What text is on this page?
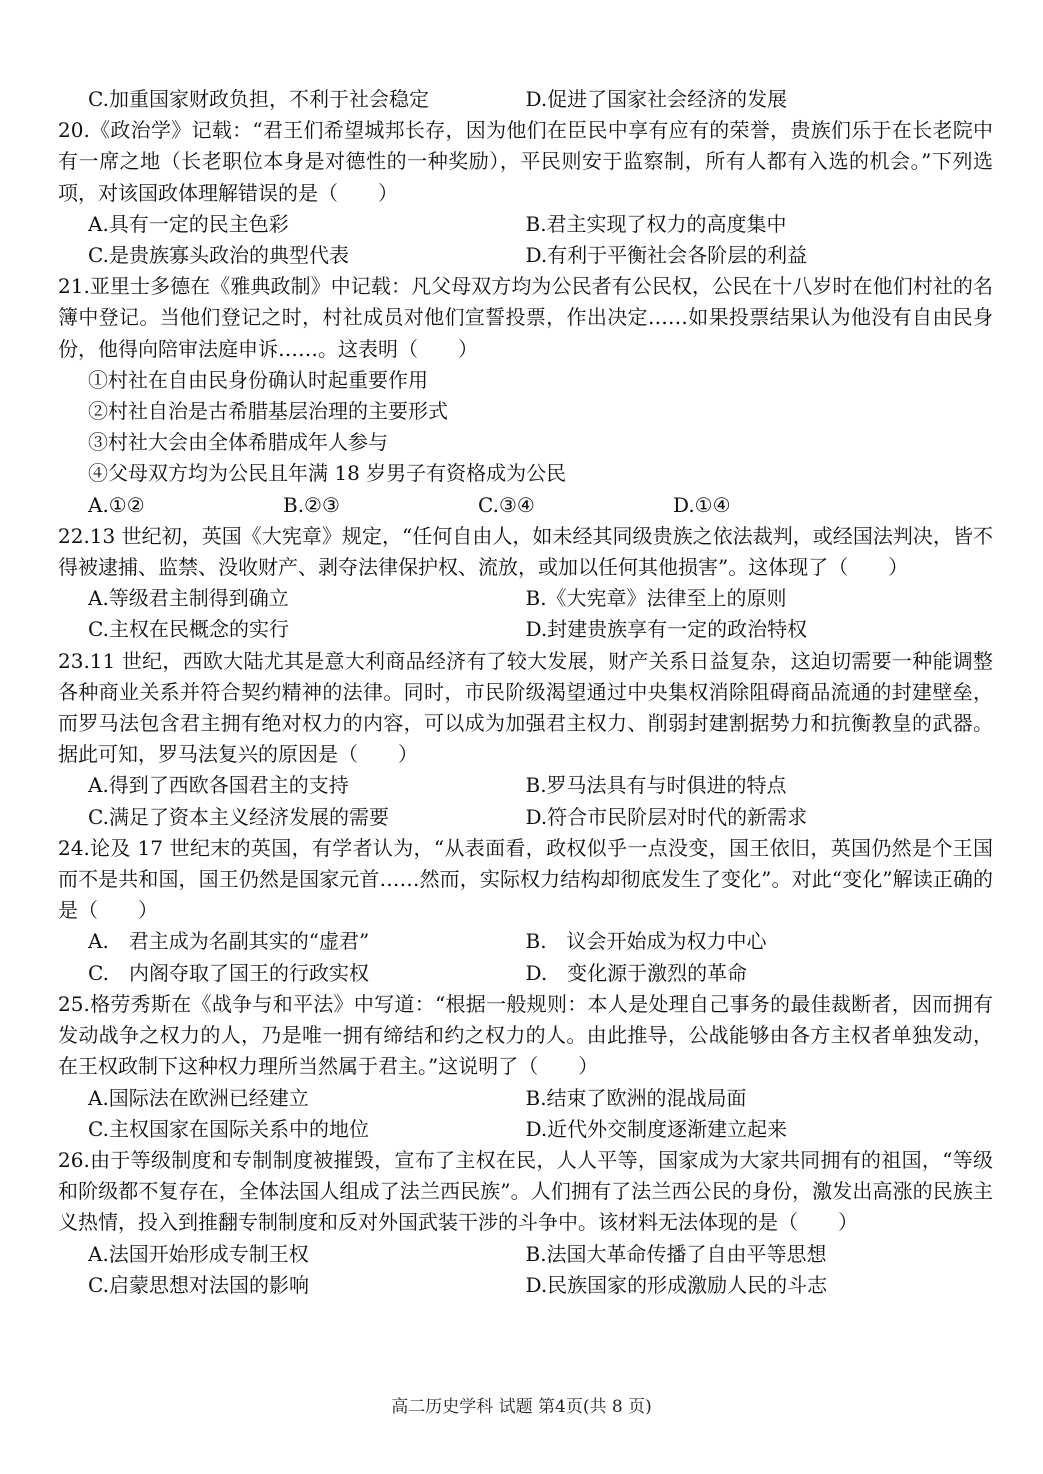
C.加重国家财政负担，不利于社会稳定	D.促进了国家社会经济的发展

20.《政治学》记载：“君王们希望城邦长存，因为他们在臣民中享有应有的荣誉，贵族们乐于在长老院中有一席之地（长老职位本身是对德性的一种奖励），平民则安于监察制，所有人都有入选的机会。”下列选项，对该国政体理解错误的是（　　）

A.具有一定的民主色彩	B.君主实现了权力的高度集中
C.是贵族寡头政治的典型代表	D.有利于平衡社会各阶层的利益

21.亚里士多德在《雅典政制》中记载：凡父母双方均为公民者有公民权，公民在十八岁时在他们村社的名簿中登记。当他们登记之时，村社成员对他们宣誓投票，作出决定……如果投票结果认为他没有自由民身份，他得向陪审法庭申诉……。这表明（　　）

①村社在自由民身份确认时起重要作用

②村社自治是古希腊基层治理的主要形式

③村社大会由全体希腊成年人参与

④父母双方均为公民且年满 18 岁男子有资格成为公民

A.①②	B.②③	C.③④	D.①④

22.13 世纪初，英国《大宪章》规定，“任何自由人，如未经其同级贵族之依法裁判，或经国法判决，皆不得被逮捕、监禁、没收财产、剥夺法律保护权、流放，或加以任何其他损害”。这体现了（　　）

A.等级君主制得到确立	B.《大宪章》法律至上的原则
C.主权在民概念的实行	D.封建贵族享有一定的政治特权

23.11 世纪，西欧大陆尤其是意大利商品经济有了较大发展，财产关系日益复杂，这迫切需要一种能调整各种商业关系并符合契约精神的法律。同时，市民阶级渴望通过中央集权消除阻碍商品流通的封建壁垒，而罗马法包含君主拥有绝对权力的内容，可以成为加强君主权力、削弱封建割据势力和抗衡教皇的武器。据此可知，罗马法复兴的原因是（　　）

A.得到了西欧各国君主的支持	B.罗马法具有与时俱进的特点
C.满足了资本主义经济发展的需要	D.符合市民阶层对时代的新需求

24.论及 17 世纪末的英国，有学者认为，“从表面看，政权似乎一点没变，国王依旧，英国仍然是个王国而不是共和国，国王仍然是国家元首……然而，实际权力结构却彻底发生了变化”。对此“变化”解读正确的是（　　）

A.　君主成为名副其实的“虚君”	B.　议会开始成为权力中心
C.　内阁夺取了国王的行政实权	D.　变化源于激烈的革命

25.格劳秀斯在《战争与和平法》中写道：“根据一般规则：本人是处理自己事务的最佳裁断者，因而拥有发动战争之权力的人，乃是唯一拥有缔结和约之权力的人。由此推导，公战能够由各方主权者单独发动，在王权政制下这种权力理所当然属于君主。”这说明了（　　）

A.国际法在欧洲已经建立	B.结束了欧洲的混战局面
C.主权国家在国际关系中的地位	D.近代外交制度逐渐建立起来

26.由于等级制度和专制制度被摧毁，宣布了主权在民，人人平等，国家成为大家共同拥有的祖国，“等级和阶级都不复存在，全体法国人组成了法兰西民族”。人们拥有了法兰西公民的身份，激发出高涨的民族主义热情，投入到推翻专制制度和反对外国武装干涉的斗争中。该材料无法体现的是（　　）

A.法国开始形成专制王权	B.法国大革命传播了自由平等思想
C.启蒙思想对法国的影响	D.民族国家的形成激励人民的斗志
高二历史学科 试题 第4页(共 8 页)
